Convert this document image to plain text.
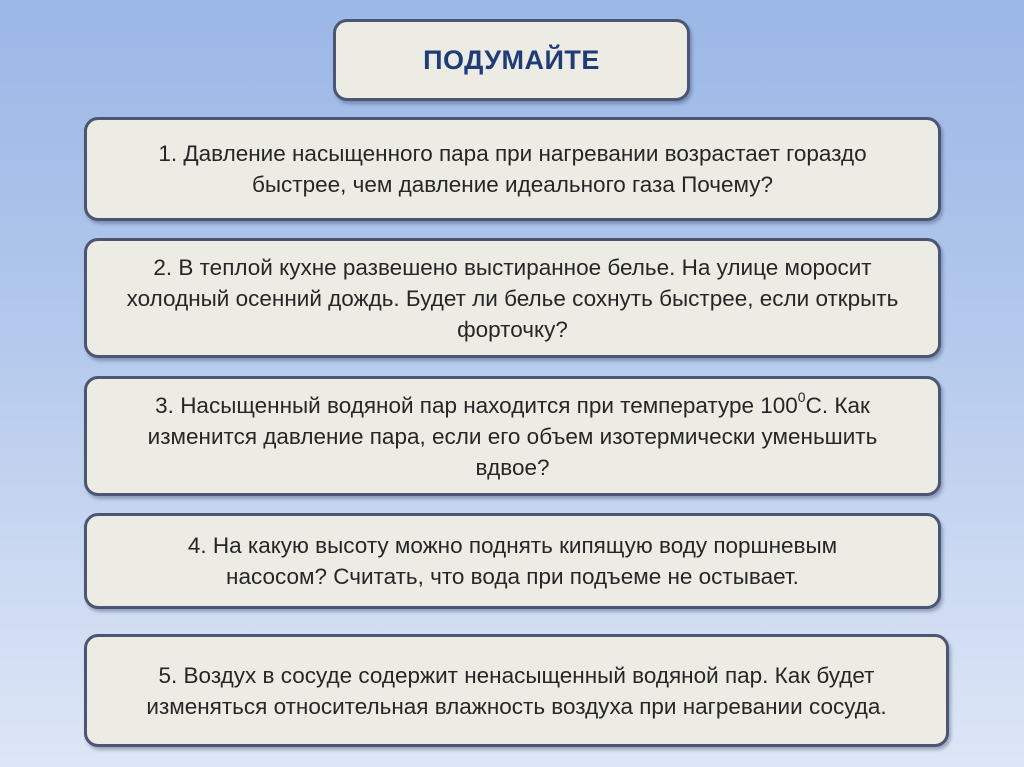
ПОДУМАЙТЕ
1. Давление насыщенного пара при нагревании возрастает гораздо быстрее, чем давление идеального газа Почему?
2. В теплой кухне развешено выстиранное белье. На улице моросит холодный осенний дождь. Будет ли белье сохнуть быстрее, если открыть форточку?
3. Насыщенный водяной пар находится при температуре $100^0С$. Как изменится давление пара, если его объем изотермически уменьшить вдвое?
4. На какую высоту можно поднять кипящую воду поршневым насосом? Считать, что вода при подъеме не остывает.
5. Воздух в сосуде содержит ненасыщенный водяной пар. Как будет изменяться относительная влажность воздуха при нагревании сосуда.
